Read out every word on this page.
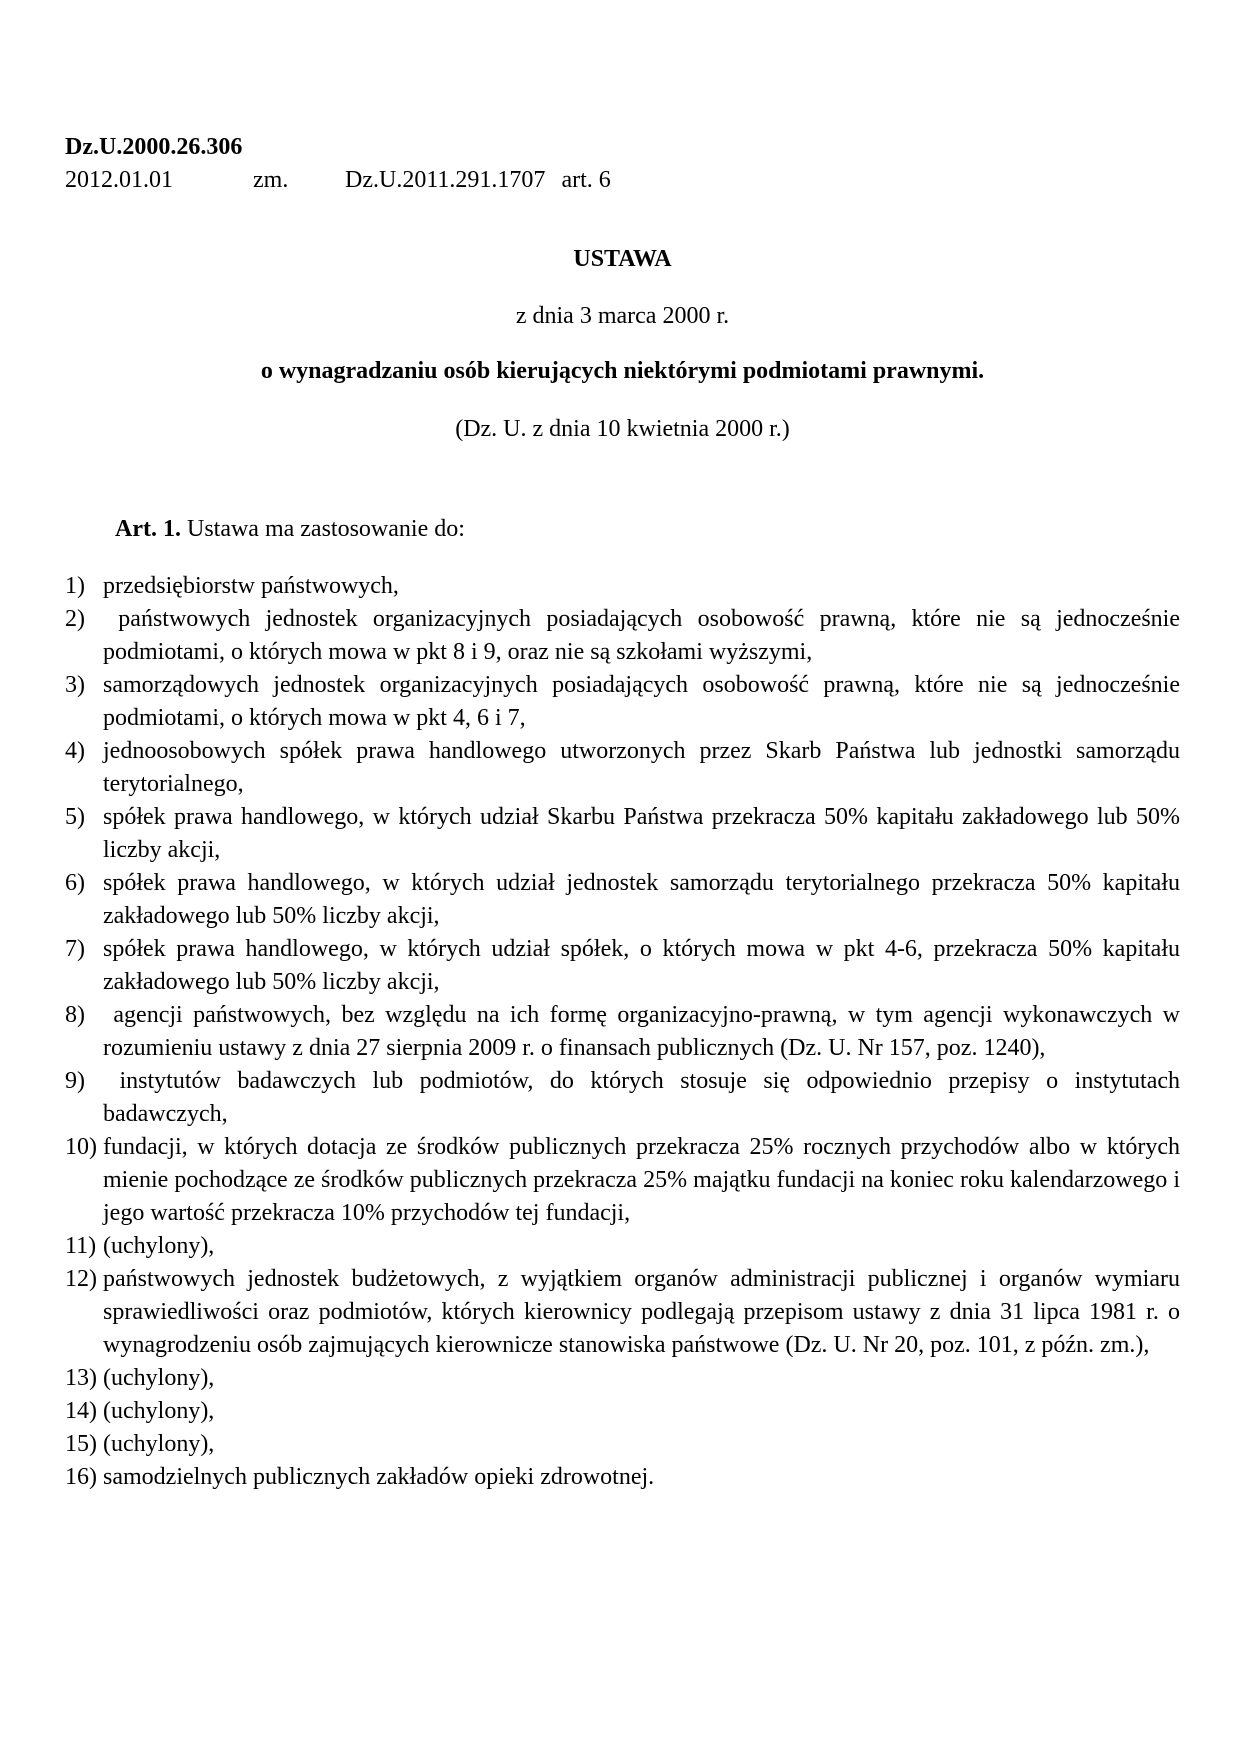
Dz.U.2000.26.306
2012.01.01	zm.	Dz.U.2011.291.1707 art. 6
USTAWA
z dnia 3 marca 2000 r.
o wynagradzaniu osób kierujących niektórymi podmiotami prawnymi.
(Dz. U. z dnia 10 kwietnia 2000 r.)

Art. 1. Ustawa ma zastosowanie do:

1) przedsiębiorstw państwowych,
2) państwowych jednostek organizacyjnych posiadających osobowość prawną, które nie są jednocześnie podmiotami, o których mowa w pkt 8 i 9, oraz nie są szkołami wyższymi,
3) samorządowych jednostek organizacyjnych posiadających osobowość prawną, które nie są jednocześnie podmiotami, o których mowa w pkt 4, 6 i 7,
4) jednoosobowych spółek prawa handlowego utworzonych przez Skarb Państwa lub jednostki samorządu terytorialnego,
5) spółek prawa handlowego, w których udział Skarbu Państwa przekracza 50% kapitału zakładowego lub 50% liczby akcji,
6) spółek prawa handlowego, w których udział jednostek samorządu terytorialnego przekracza 50% kapitału zakładowego lub 50% liczby akcji,
7) spółek prawa handlowego, w których udział spółek, o których mowa w pkt 4-6, przekracza 50% kapitału zakładowego lub 50% liczby akcji,
8) agencji państwowych, bez względu na ich formę organizacyjno-prawną, w tym agencji wykonawczych w rozumieniu ustawy z dnia 27 sierpnia 2009 r. o finansach publicznych (Dz. U. Nr 157, poz. 1240),
9) instytutów badawczych lub podmiotów, do których stosuje się odpowiednio przepisy o instytutach badawczych,
10) fundacji, w których dotacja ze środków publicznych przekracza 25% rocznych przychodów albo w których mienie pochodzące ze środków publicznych przekracza 25% majątku fundacji na koniec roku kalendarzowego i jego wartość przekracza 10% przychodów tej fundacji,
11) (uchylony),
12) państwowych jednostek budżetowych, z wyjątkiem organów administracji publicznej i organów wymiaru sprawiedliwości oraz podmiotów, których kierownicy podlegają przepisom ustawy z dnia 31 lipca 1981 r. o wynagrodzeniu osób zajmujących kierownicze stanowiska państwowe (Dz. U. Nr 20, poz. 101, z późn. zm.),
13) (uchylony),
14) (uchylony),
15) (uchylony),
16) samodzielnych publicznych zakładów opieki zdrowotnej.
